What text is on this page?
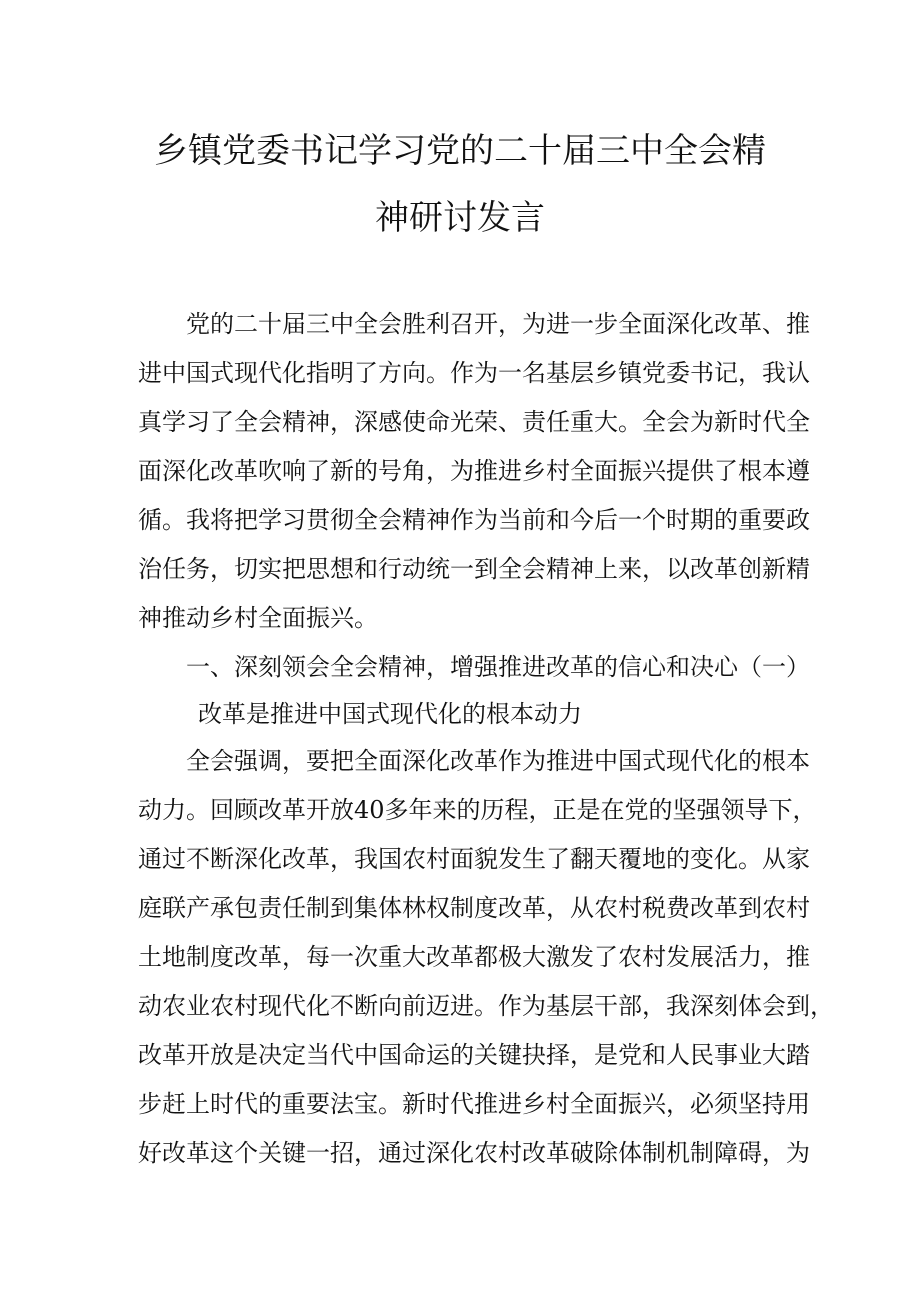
乡镇党委书记学习党的二十届三中全会精
神研讨发言
党的二十届三中全会胜利召开，为进一步全面深化改革、推
进中国式现代化指明了方向。作为一名基层乡镇党委书记，我认
真学习了全会精神，深感使命光荣、责任重大。全会为新时代全
面深化改革吹响了新的号角，为推进乡村全面振兴提供了根本遵
循。我将把学习贯彻全会精神作为当前和今后一个时期的重要政
治任务，切实把思想和行动统一到全会精神上来，以改革创新精
神推动乡村全面振兴。
一、深刻领会全会精神，增强推进改革的信心和决心（一）
改革是推进中国式现代化的根本动力
全会强调，要把全面深化改革作为推进中国式现代化的根本
动力。回顾改革开放40多年来的历程，正是在党的坚强领导下，
通过不断深化改革，我国农村面貌发生了翻天覆地的变化。从家
庭联产承包责任制到集体林权制度改革，从农村税费改革到农村
土地制度改革，每一次重大改革都极大激发了农村发展活力，推
动农业农村现代化不断向前迈进。作为基层干部，我深刻体会到，
改革开放是决定当代中国命运的关键抉择，是党和人民事业大踏
步赶上时代的重要法宝。新时代推进乡村全面振兴，必须坚持用
好改革这个关键一招，通过深化农村改革破除体制机制障碍，为
